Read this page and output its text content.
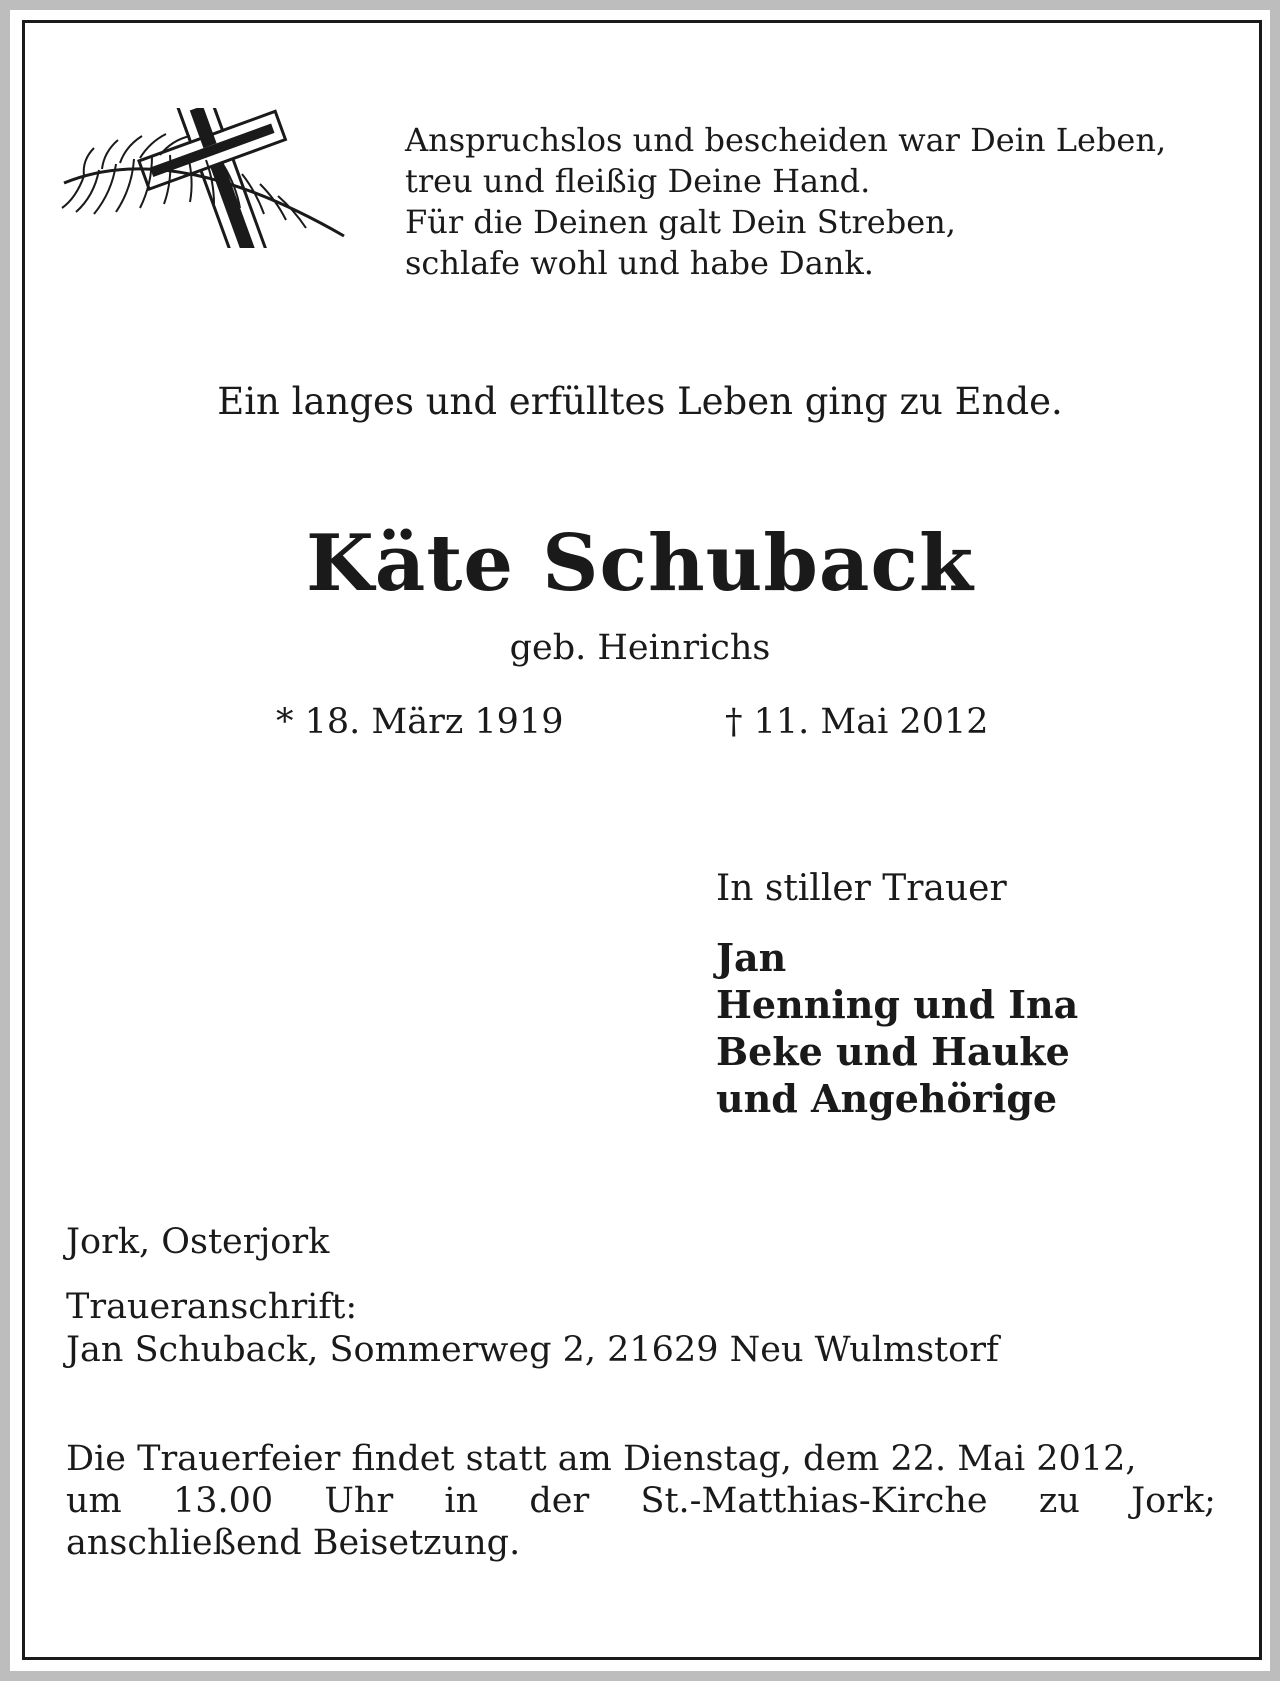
Anspruchslos und bescheiden war Dein Leben,
treu und fleißig Deine Hand.
Für die Deinen galt Dein Streben,
schlafe wohl und habe Dank.
Ein langes und erfülltes Leben ging zu Ende.
Käte Schuback
geb. Heinrichs
* 18. März 1919	† 11. Mai 2012
In stiller Trauer
Jan
Henning und Ina
Beke und Hauke
und Angehörige
Jork, Osterjork
Traueranschrift:
Jan Schuback, Sommerweg 2, 21629 Neu Wulmstorf
Die Trauerfeier findet statt am Dienstag, dem 22. Mai 2012,
um 13.00 Uhr in der St.-Matthias-Kirche zu Jork;
anschließend Beisetzung.
